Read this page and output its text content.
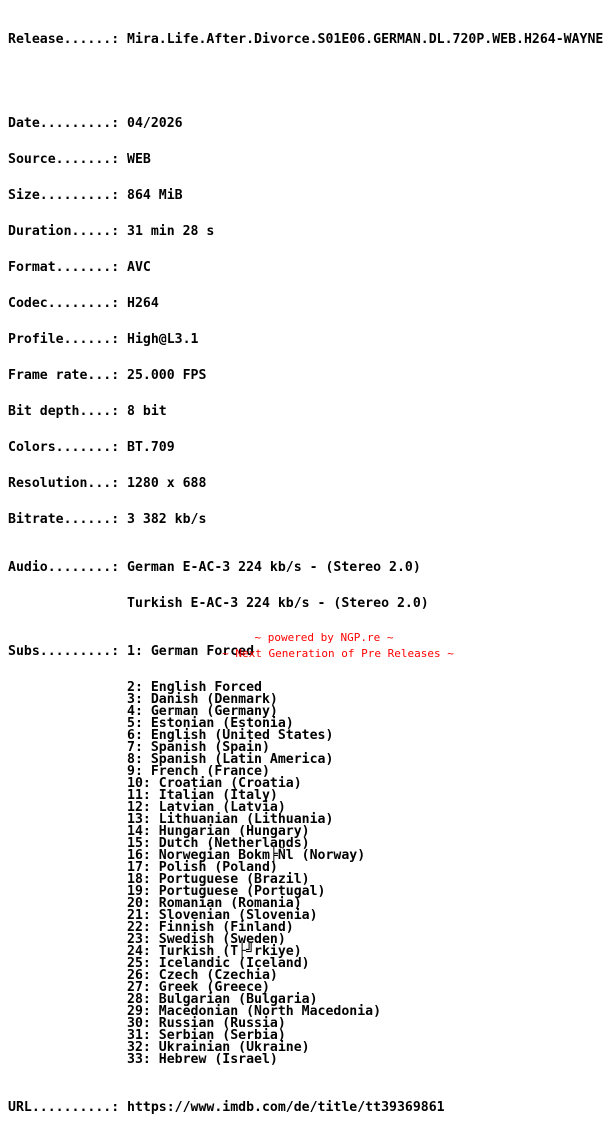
Release......: Mira.Life.After.Divorce.S01E06.GERMAN.DL.720P.WEB.H264-WAYNE

Date.........: 04/2026

Source.......: WEB

Size.........: 864 MiB

Duration.....: 31 min 28 s

Format.......: AVC

Codec........: H264

Profile......: High@L3.1

Frame rate...: 25.000 FPS

Bit depth....: 8 bit

Colors.......: BT.709

Resolution...: 1280 x 688

Bitrate......: 3 382 kb/s

Audio........: German E-AC-3 224 kb/s - (Stereo 2.0)

Turkish E-AC-3 224 kb/s - (Stereo 2.0)

Subs.........: 1: German Forced

2: English Forced
3: Danish (Denmark)
4: German (Germany)
5: Estonian (Estonia)
6: English (United States)
7: Spanish (Spain)
8: Spanish (Latin America)
9: French (France)
10: Croatian (Croatia)
11: Italian (Italy)
12: Latvian (Latvia)
13: Lithuanian (Lithuania)
14: Hungarian (Hungary)
15: Dutch (Netherlands)
16: Norwegian Bokm╞Ñl (Norway)
17: Polish (Poland)
18: Portuguese (Brazil)
19: Portuguese (Portugal)
20: Romanian (Romania)
21: Slovenian (Slovenia)
22: Finnish (Finland)
23: Swedish (Sweden)
24: Turkish (T├╝rkiye)
25: Icelandic (Iceland)
26: Czech (Czechia)
27: Greek (Greece)
28: Bulgarian (Bulgaria)
29: Macedonian (North Macedonia)
30: Russian (Russia)
31: Serbian (Serbia)
32: Ukrainian (Ukraine)
33: Hebrew (Israel)

URL..........: https://www.imdb.com/de/title/tt39369861

~ powered by NGP.re ~
~ Next Generation of Pre Releases ~
